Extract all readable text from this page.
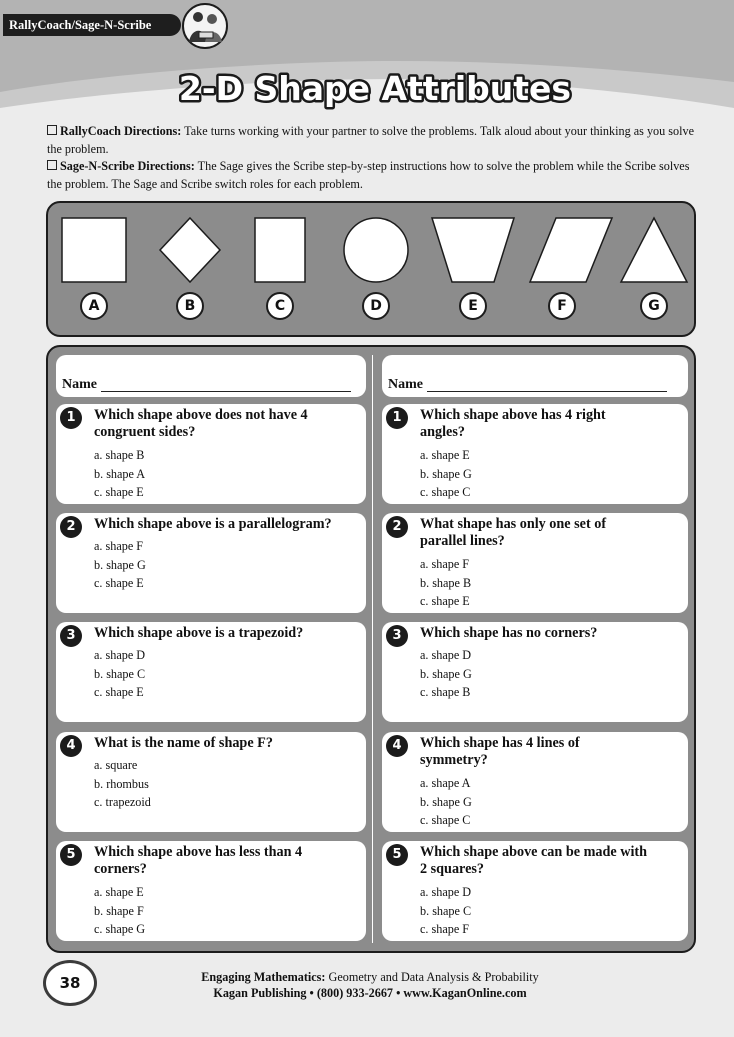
RallyCoach/Sage-N-Scribe
2-D Shape Attributes

RallyCoach Directions: Take turns working with your partner to solve the problems. Talk aloud about your thinking as you solve the problem.

Sage-N-Scribe Directions: The Sage gives the Scribe step-by-step instructions how to solve the problem while the Scribe solves the problem. The Sage and Scribe switch roles for each problem.

A	B	C	D	E	F	G
Name
1	Which shape above does not have 4 congruent sides?
a. shape B
b. shape A
c. shape E
2	Which shape above is a parallelogram?
a. shape F
b. shape G
c. shape E
3	Which shape above is a trapezoid?
a. shape D
b. shape C
c. shape E
4	What is the name of shape F?
a. square
b. rhombus
c. trapezoid
5	Which shape above has less than 4 corners?
a. shape E
b. shape F
c. shape G
Name
1	Which shape above has 4 right angles?
a. shape E
b. shape G
c. shape C
2	What shape has only one set of parallel lines?
a. shape F
b. shape B
c. shape E
3	Which shape has no corners?
a. shape D
b. shape G
c. shape B
4	Which shape has 4 lines of symmetry?
a. shape A
b. shape G
c. shape C
5	Which shape above can be made with 2 squares?
a. shape D
b. shape C
c. shape F
38	Engaging Mathematics: Geometry and Data Analysis & Probability
Kagan Publishing • (800) 933-2667 • www.KaganOnline.com
